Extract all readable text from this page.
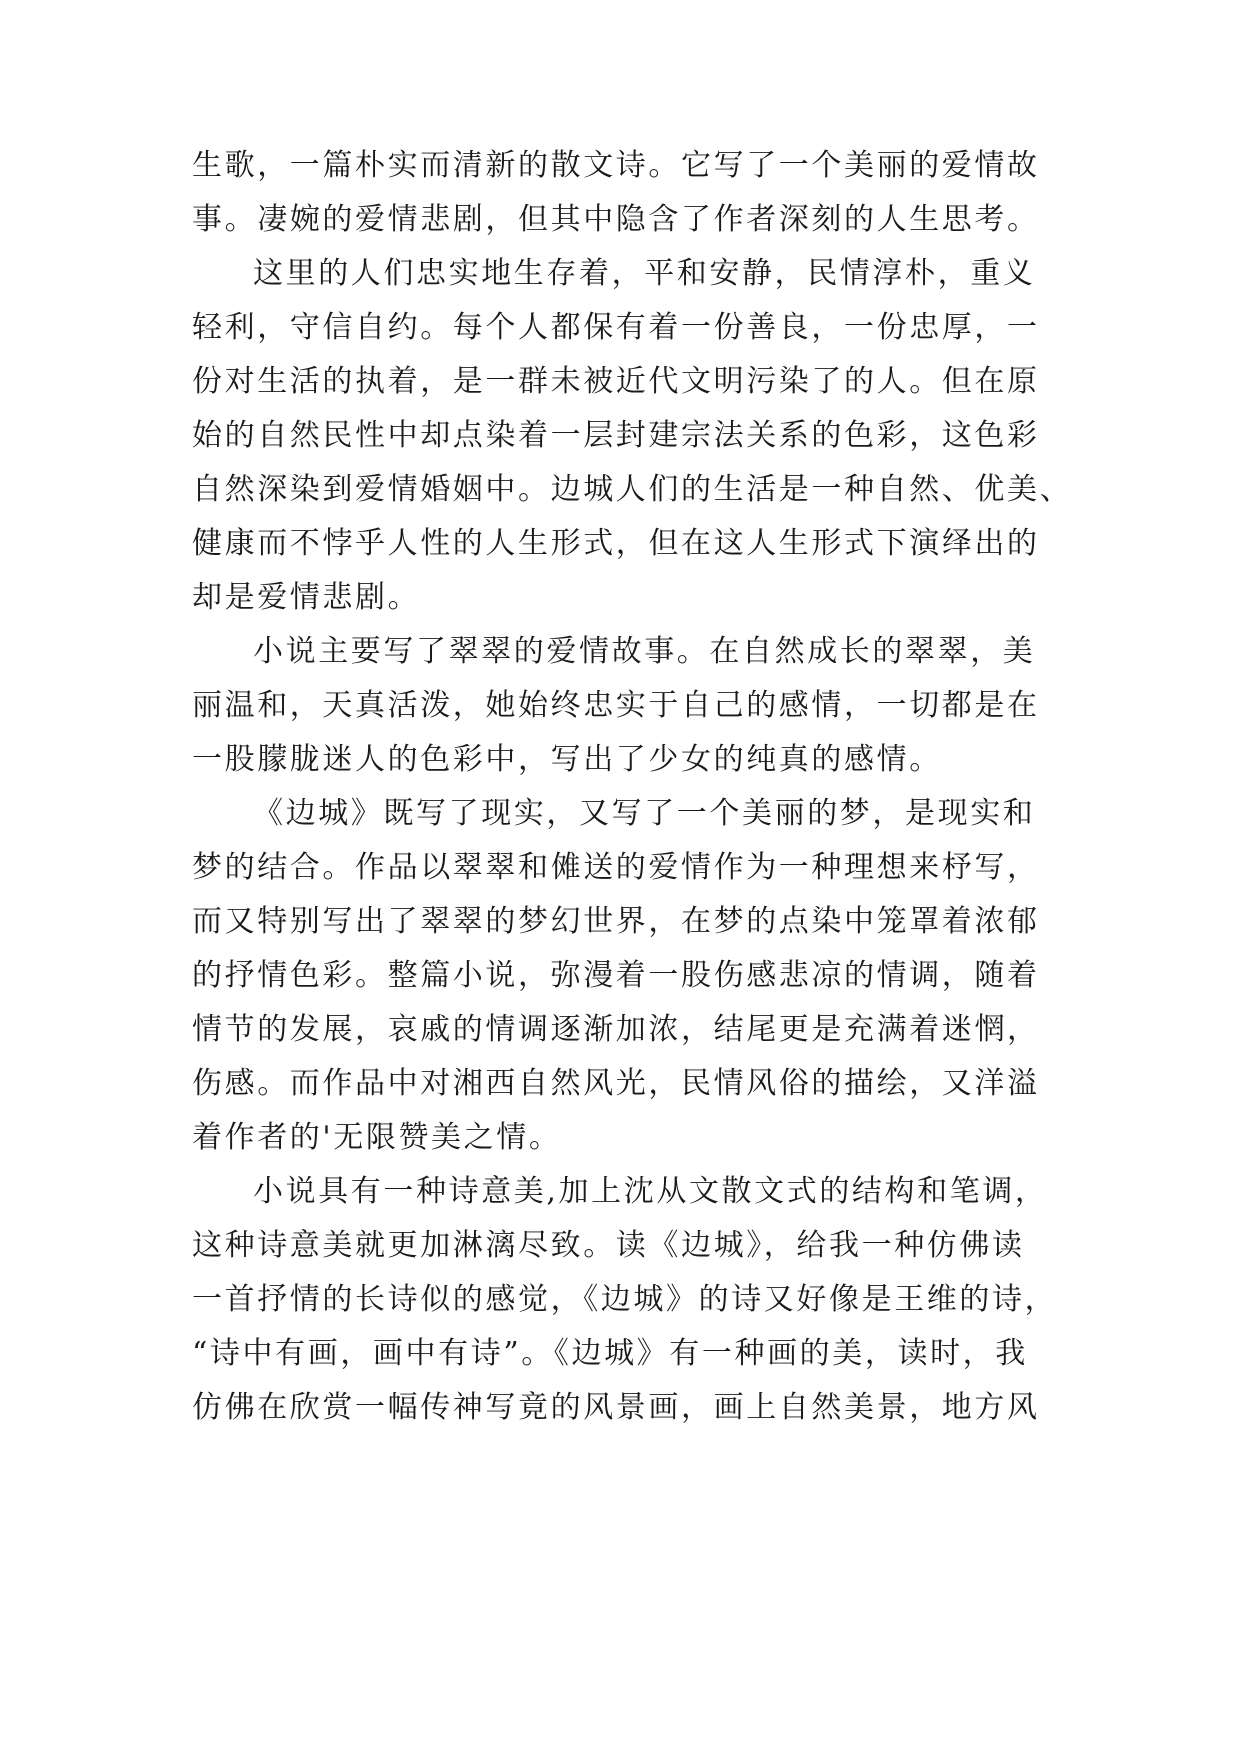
生歌，一篇朴实而清新的散文诗。它写了一个美丽的爱情故
事。凄婉的爱情悲剧，但其中隐含了作者深刻的人生思考。
这里的人们忠实地生存着，平和安静，民情淳朴，重义
轻利，守信自约。每个人都保有着一份善良，一份忠厚，一
份对生活的执着，是一群未被近代文明污染了的人。但在原
始的自然民性中却点染着一层封建宗法关系的色彩，这色彩
自然深染到爱情婚姻中。边城人们的生活是一种自然、优美、
健康而不悖乎人性的人生形式，但在这人生形式下演绎出的
却是爱情悲剧。
小说主要写了翠翠的爱情故事。在自然成长的翠翠，美
丽温和，天真活泼，她始终忠实于自己的感情，一切都是在
一股朦胧迷人的色彩中，写出了少女的纯真的感情。
《边城》既写了现实，又写了一个美丽的梦，是现实和
梦的结合。作品以翠翠和傩送的爱情作为一种理想来杼写，
而又特别写出了翠翠的梦幻世界，在梦的点染中笼罩着浓郁
的抒情色彩。整篇小说，弥漫着一股伤感悲凉的情调，随着
情节的发展，哀戚的情调逐渐加浓，结尾更是充满着迷惘，
伤感。而作品中对湘西自然风光，民情风俗的描绘，又洋溢
着作者的'无限赞美之情。
小说具有一种诗意美,加上沈从文散文式的结构和笔调，
这种诗意美就更加淋漓尽致。读《边城》，给我一种仿佛读
一首抒情的长诗似的感觉，《边城》的诗又好像是王维的诗，
“诗中有画，画中有诗”。《边城》有一种画的美，读时，我
仿佛在欣赏一幅传神写竟的风景画，画上自然美景，地方风
